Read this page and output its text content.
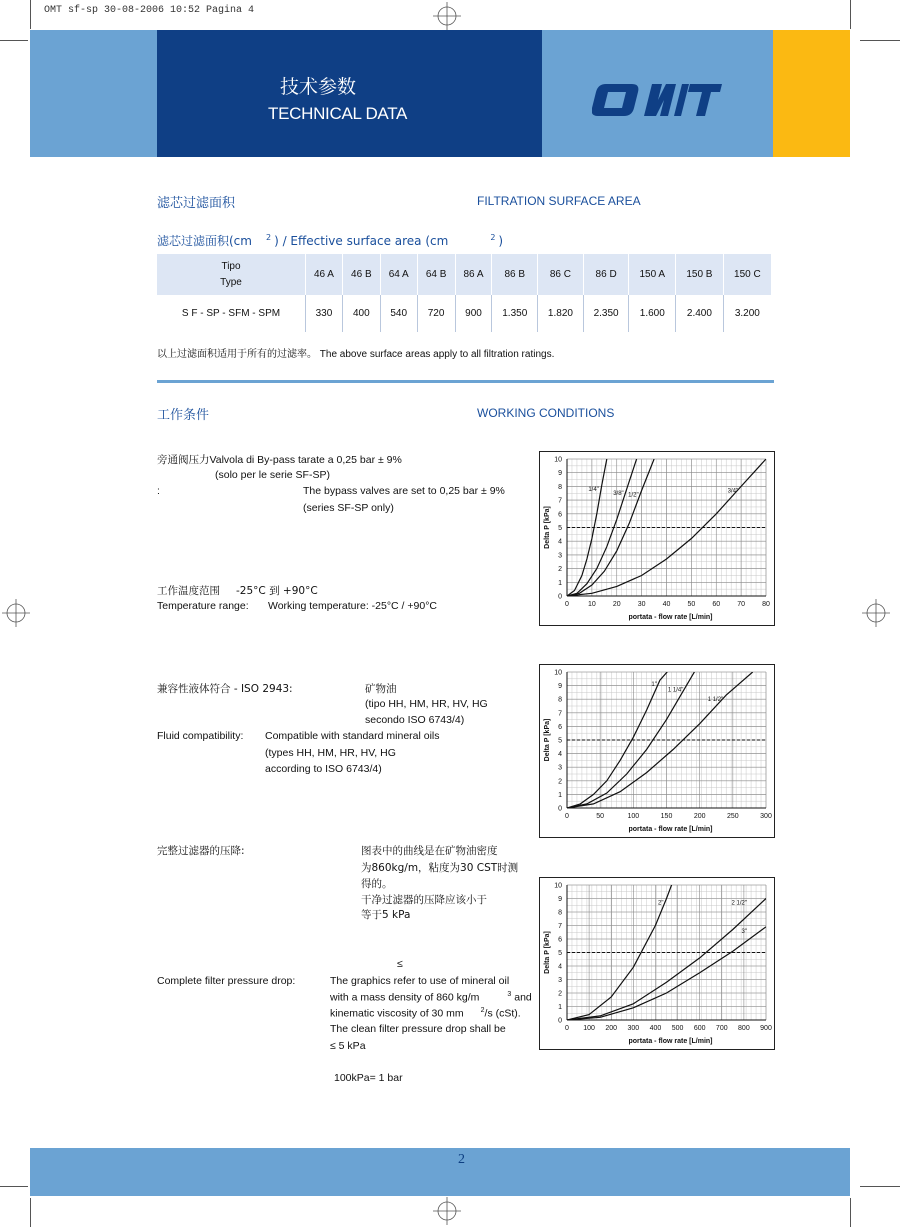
OMT sf-sp 30-08-2006 10:52 Pagina 4
技术参数
TECHNICAL DATA
滤芯过滤面积	FILTRATION SURFACE AREA
滤芯过滤面积(cm $^2$ ) / Effective surface area (cm	$^2$ )
Tipo
Type	46 A	46 B	64 A	64 B	86 A	86 B	86 C	86 D	150 A	150 B	150 C
S F - SP - SFM - SPM	330	400	540	720	900	1.350	1.820	2.350	1.600	2.400	3.200
以上过滤面积适用于所有的过滤率。 The above surface areas apply to all filtration ratings.
工作条件	WORKING CONDITIONS
旁通阀压力Valvola di By-pass tarate a 0,25 bar ± 9%
(solo per le serie SF-SP)
:	The bypass valves are set to 0,25 bar ± 9%
(series SF-SP only)
工作温度范围 -25°C 到 +90°C
Temperature range: Working temperature: -25°C / +90°C
兼容性液体符合 - ISO 2943:	矿物油
(tipo HH, HM, HR, HV, HG
secondo ISO 6743/4)
Fluid compatibility: Compatible with standard mineral oils
(types HH, HM, HR, HV, HG
according to ISO 6743/4)
完整过滤器的压降:	图表中的曲线是在矿物油密度
为860kg/m，粘度为30 CST时测
得的。
干净过滤器的压降应该小于
等于5 kPa
≤
Complete filter pressure drop:	The graphics refer to use of mineral oil
with a mass density of 860 kg/m	$^3$ and
kinematic viscosity of 30 mm $^2$/s (cSt).
The clean filter pressure drop shall be
≤ 5 kPa
100kPa= 1 bar
0	10 20 30 40 50 60 70 80
0
1
2
3
4
5
6
7
8
9
10
portata - flow rate [L/min]
Delta P [kPa]
1/4"
3/8" 1/2"
3/4"
0	50	100	150	200	250	300
0
1
2
3
4
5
6
7
8
9
10
portata - flow rate [L/min]
Delta P [kPa]
1"
1 1/4"
1 1/2"
0 100 200 300 400 500 600 700 800 900
0
1
2
3
4
5
6
7
8
9
10
portata - flow rate [L/min]
Delta P [kPa]
2"	2 1/2"
3"
2
